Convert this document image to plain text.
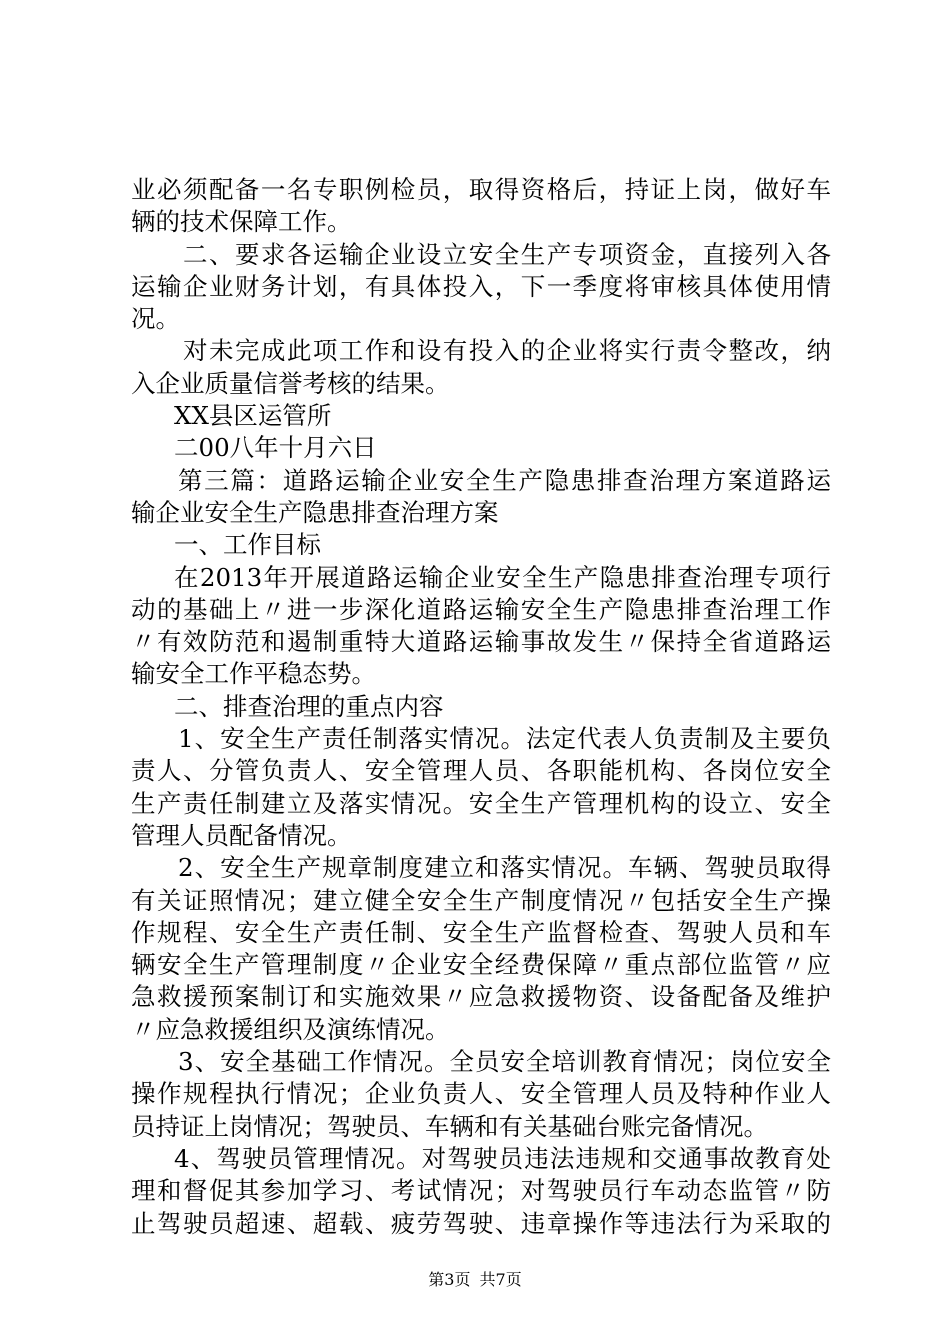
业必须配备一名专职例检员，取得资格后，持证上岗，做好车
辆的技术保障工作。
二、要求各运输企业设立安全生产专项资金，直接列入各
运输企业财务计划，有具体投入，下一季度将审核具体使用情
况。
对未完成此项工作和设有投入的企业将实行责令整改，纳
入企业质量信誉考核的结果。
XX县区运管所
二00八年十月六日
第三篇：道路运输企业安全生产隐患排查治理方案道路运
输企业安全生产隐患排查治理方案
一、工作目标
在2013年开展道路运输企业安全生产隐患排查治理专项行
动的基础上〃进一步深化道路运输安全生产隐患排查治理工作
〃有效防范和遏制重特大道路运输事故发生〃保持全省道路运
输安全工作平稳态势。
二、排查治理的重点内容
1、安全生产责任制落实情况。法定代表人负责制及主要负
责人、分管负责人、安全管理人员、各职能机构、各岗位安全
生产责任制建立及落实情况。安全生产管理机构的设立、安全
管理人员配备情况。
2、安全生产规章制度建立和落实情况。车辆、驾驶员取得
有关证照情况；建立健全安全生产制度情况〃包括安全生产操
作规程、安全生产责任制、安全生产监督检查、驾驶人员和车
辆安全生产管理制度〃企业安全经费保障〃重点部位监管〃应
急救援预案制订和实施效果〃应急救援物资、设备配备及维护
〃应急救援组织及演练情况。
3、安全基础工作情况。全员安全培训教育情况；岗位安全
操作规程执行情况；企业负责人、安全管理人员及特种作业人
员持证上岗情况；驾驶员、车辆和有关基础台账完备情况。
4、驾驶员管理情况。对驾驶员违法违规和交通事故教育处
理和督促其参加学习、考试情况；对驾驶员行车动态监管〃防
止驾驶员超速、超载、疲劳驾驶、违章操作等违法行为采取的
第3页 共7页
